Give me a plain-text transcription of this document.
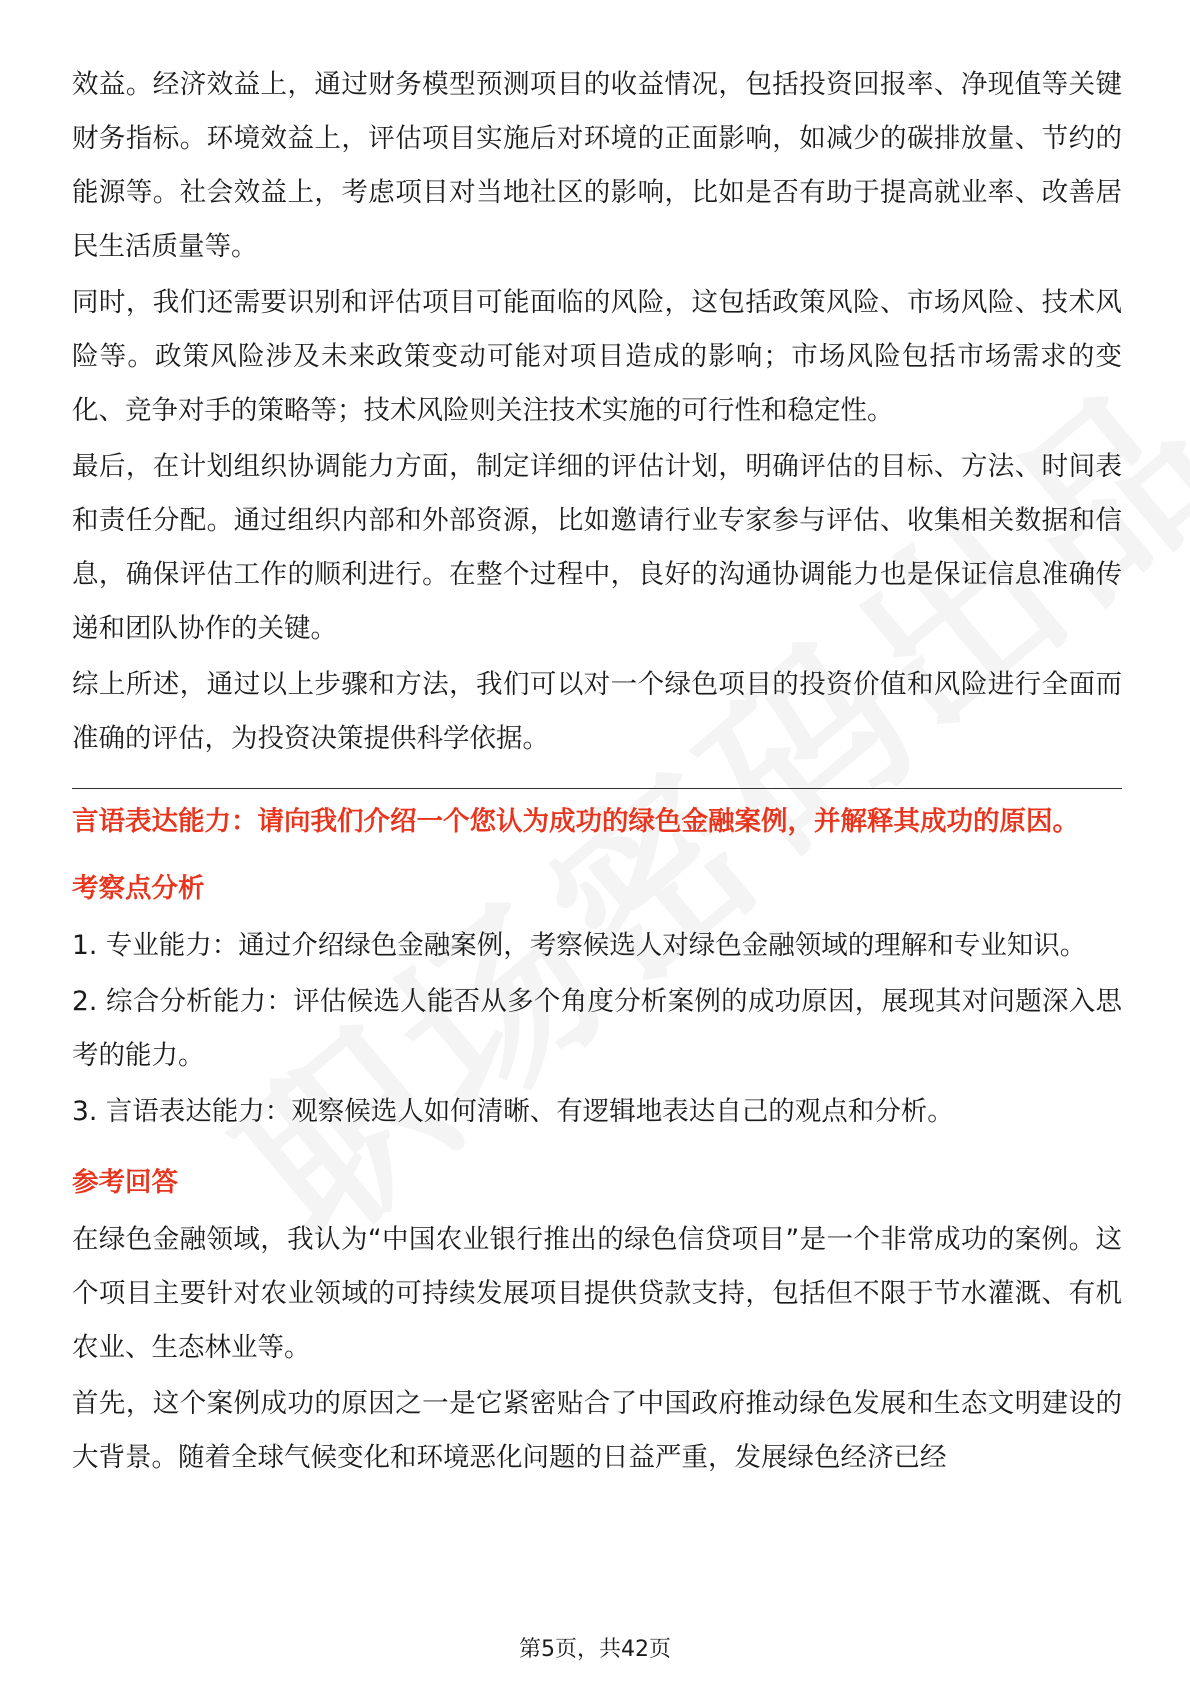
效益。经济效益上，通过财务模型预测项目的收益情况，包括投资回报率、净现值等关键财务指标。环境效益上，评估项目实施后对环境的正面影响，如减少的碳排放量、节约的能源等。社会效益上，考虑项目对当地社区的影响，比如是否有助于提高就业率、改善居民生活质量等。

同时，我们还需要识别和评估项目可能面临的风险，这包括政策风险、市场风险、技术风险等。政策风险涉及未来政策变动可能对项目造成的影响；市场风险包括市场需求的变化、竞争对手的策略等；技术风险则关注技术实施的可行性和稳定性。

最后，在计划组织协调能力方面，制定详细的评估计划，明确评估的目标、方法、时间表和责任分配。通过组织内部和外部资源，比如邀请行业专家参与评估、收集相关数据和信息，确保评估工作的顺利进行。在整个过程中，良好的沟通协调能力也是保证信息准确传递和团队协作的关键。

综上所述，通过以上步骤和方法，我们可以对一个绿色项目的投资价值和风险进行全面而准确的评估，为投资决策提供科学依据。

言语表达能力：请向我们介绍一个您认为成功的绿色金融案例，并解释其成功的原因。

考察点分析

1. 专业能力：通过介绍绿色金融案例，考察候选人对绿色金融领域的理解和专业知识。

2. 综合分析能力：评估候选人能否从多个角度分析案例的成功原因，展现其对问题深入思考的能力。

3. 言语表达能力：观察候选人如何清晰、有逻辑地表达自己的观点和分析。

参考回答

在绿色金融领域，我认为“中国农业银行推出的绿色信贷项目”是一个非常成功的案例。这个项目主要针对农业领域的可持续发展项目提供贷款支持，包括但不限于节水灌溉、有机农业、生态林业等。

首先，这个案例成功的原因之一是它紧密贴合了中国政府推动绿色发展和生态文明建设的大背景。随着全球气候变化和环境恶化问题的日益严重，发展绿色经济已经

第5页，共42页
